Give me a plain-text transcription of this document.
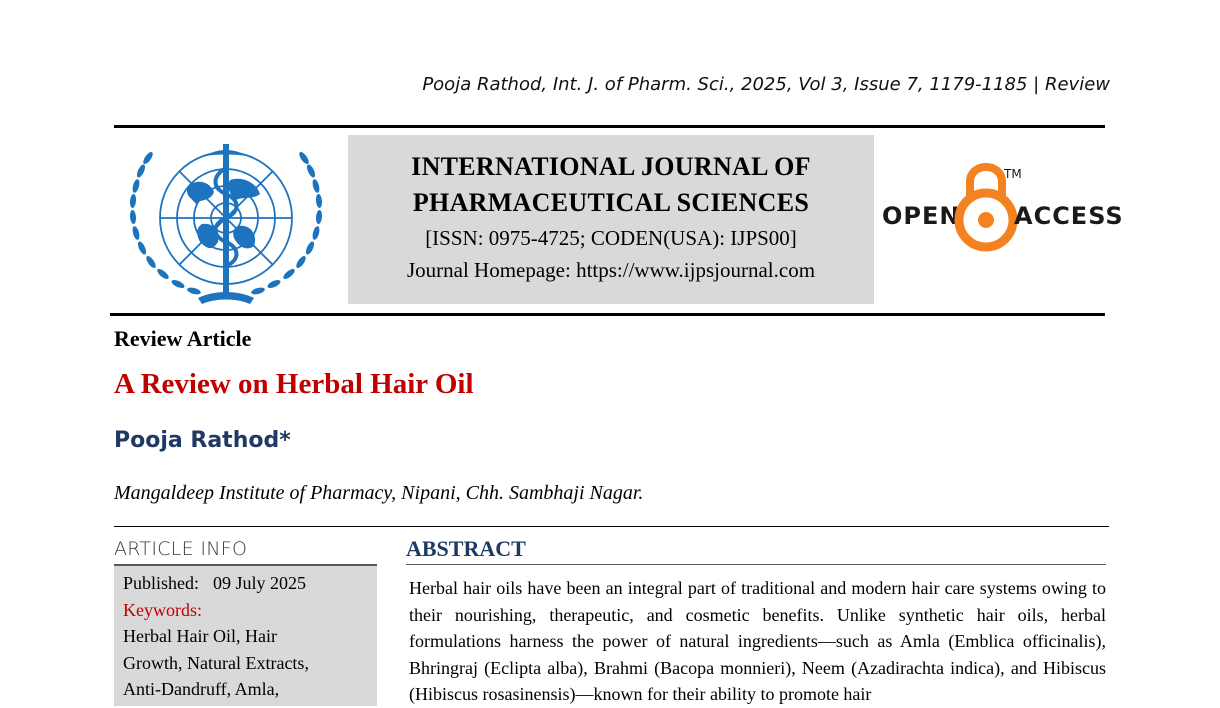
Pooja Rathod, Int. J. of Pharm. Sci., 2025, Vol 3, Issue 7, 1179-1185 | Review
INTERNATIONAL JOURNAL OF
PHARMACEUTICAL SCIENCES
[ISSN: 0975-4725; CODEN(USA): IJPS00]
Journal Homepage: https://www.ijpsjournal.com
OPEN
TM
ACCESS
Review Article
A Review on Herbal Hair Oil
Pooja Rathod*
Mangaldeep Institute of Pharmacy, Nipani, Chh. Sambhaji Nagar.
ARTICLE INFO
Published: 09 July 2025
Keywords:
Herbal Hair Oil, Hair
Growth, Natural Extracts,
Anti-Dandruff, Amla,
ABSTRACT
Herbal hair oils have been an integral part of traditional and modern hair care systems owing to their nourishing, therapeutic, and cosmetic benefits. Unlike synthetic hair oils, herbal formulations harness the power of natural ingredients—such as Amla (Emblica officinalis), Bhringraj (Eclipta alba), Brahmi (Bacopa monnieri), Neem (Azadirachta indica), and Hibiscus (Hibiscus rosasinensis)—known for their ability to promote hair
